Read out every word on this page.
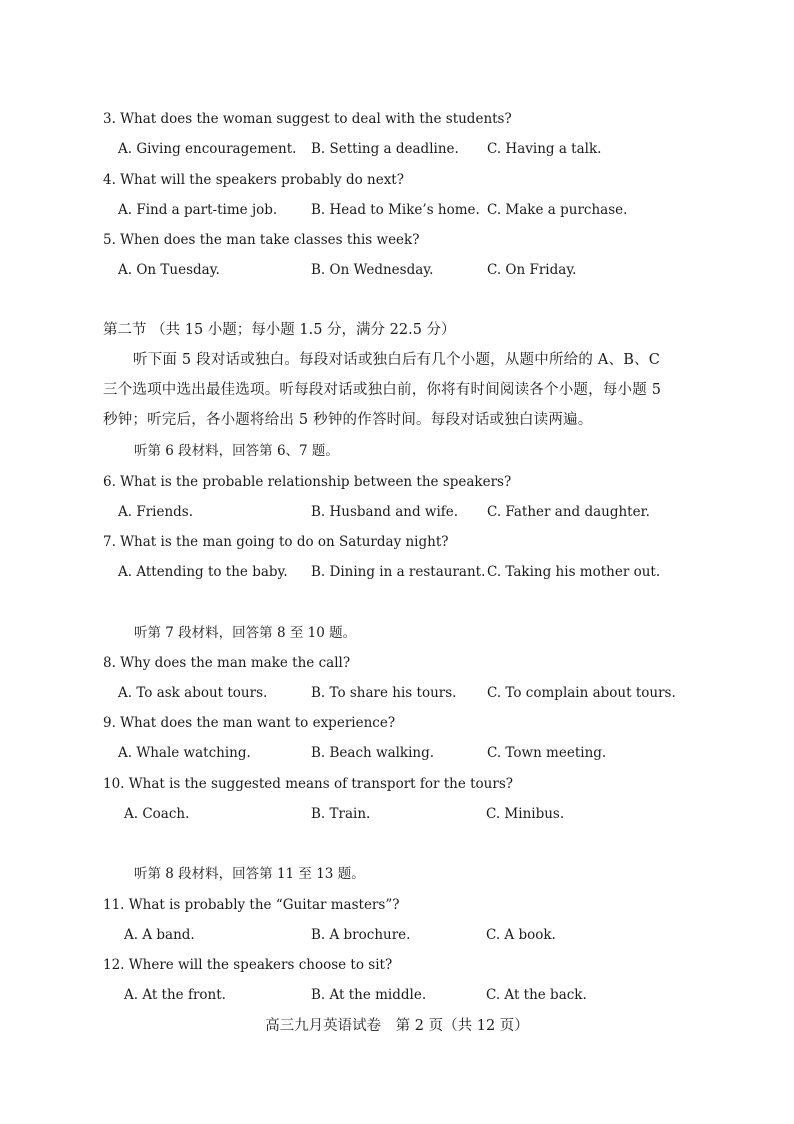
3. What does the woman suggest to deal with the students?
A. Giving encouragement. B. Setting a deadline. C. Having a talk.
4. What will the speakers probably do next?
A. Find a part-time job.	B. Head to Mike’s home. C. Make a purchase.
5. When does the man take classes this week?
A. On Tuesday.	B. On Wednesday.	C. On Friday.
第二节 （共 15 小题；每小题 1.5 分，满分 22.5 分）
听下面 5 段对话或独白。每段对话或独白后有几个小题，从题中所给的 A、B、C
三个选项中选出最佳选项。听每段对话或独白前，你将有时间阅读各个小题，每小题 5
秒钟；听完后，各小题将给出 5 秒钟的作答时间。每段对话或独白读两遍。
听第 6 段材料，回答第 6、7 题。
6. What is the probable relationship between the speakers?
A. Friends.	B. Husband and wife. C. Father and daughter.
7. What is the man going to do on Saturday night?
A. Attending to the baby. B. Dining in a restaurant. C. Taking his mother out.
听第 7 段材料，回答第 8 至 10 题。
8. Why does the man make the call?
A. To ask about tours.	B. To share his tours. C. To complain about tours.
9. What does the man want to experience?
A. Whale watching.	B. Beach walking.	C. Town meeting.
10. What is the suggested means of transport for the tours?
A. Coach.	B. Train.	C. Minibus.
听第 8 段材料，回答第 11 至 13 题。
11. What is probably the “Guitar masters”?
A. A band.	B. A brochure.	C. A book.
12. Where will the speakers choose to sit?
A. At the front.	B. At the middle.	C. At the back.
高三九月英语试卷　第 2 页（共 12 页）
